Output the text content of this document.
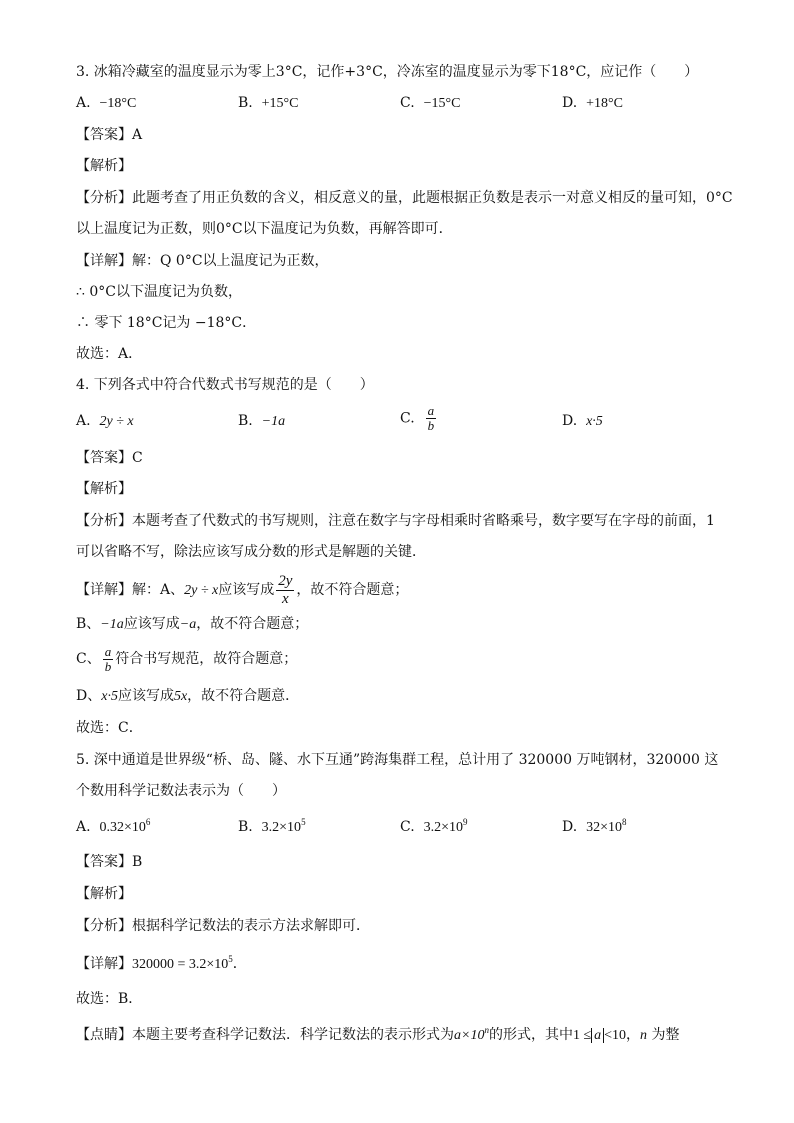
3. 冰箱冷藏室的温度显示为零上3°C，记作+3°C，冷冻室的温度显示为零下18°C，应记作（　　）
A. −18°C	B. +15°C	C. −15°C	D. +18°C
【答案】A
【解析】
【分析】此题考查了用正负数的含义，相反意义的量，此题根据正负数是表示一对意义相反的量可知，0°C
以上温度记为正数，则0°C以下温度记为负数，再解答即可．
【详解】解：Q 0°C以上温度记为正数，
∴ 0°C以下温度记为负数，
∴ 零下 18°C记为 −18°C．
故选：A．
4. 下列各式中符合代数式书写规范的是（　　）
A. 2y ÷ x	B. −1a	C. $\frac{a}{b}$	D. x·5
【答案】C
【解析】
【分析】本题考查了代数式的书写规则，注意在数字与字母相乘时省略乘号，数字要写在字母的前面，1
可以省略不写，除法应该写成分数的形式是解题的关键．
【详解】解：A、2y ÷ x应该写成 $\frac{2y}{x}$ ，故不符合题意；
B、−1a应该写成−a，故不符合题意；
C、 $\frac{a}{b}$ 符合书写规范，故符合题意；
D、x·5应该写成5x，故不符合题意．
故选：C．
5. 深中通道是世界级“桥、岛、隧、水下互通”跨海集群工程，总计用了 320000 万吨钢材，320000 这
个数用科学记数法表示为（　　）
A. $0.32\times 10^6$	B. $3.2\times 10^5$	C. $3.2\times 10^9$	D. $32\times 10^8$
【答案】B
【解析】
【分析】根据科学记数法的表示方法求解即可．
【详解】$320000 = 3.2\times 10^5$．
故选：B．
【点睛】本题主要考查科学记数法．科学记数法的表示形式为$a\times 10^n$的形式，其中1 ≤ a <10，n 为整
